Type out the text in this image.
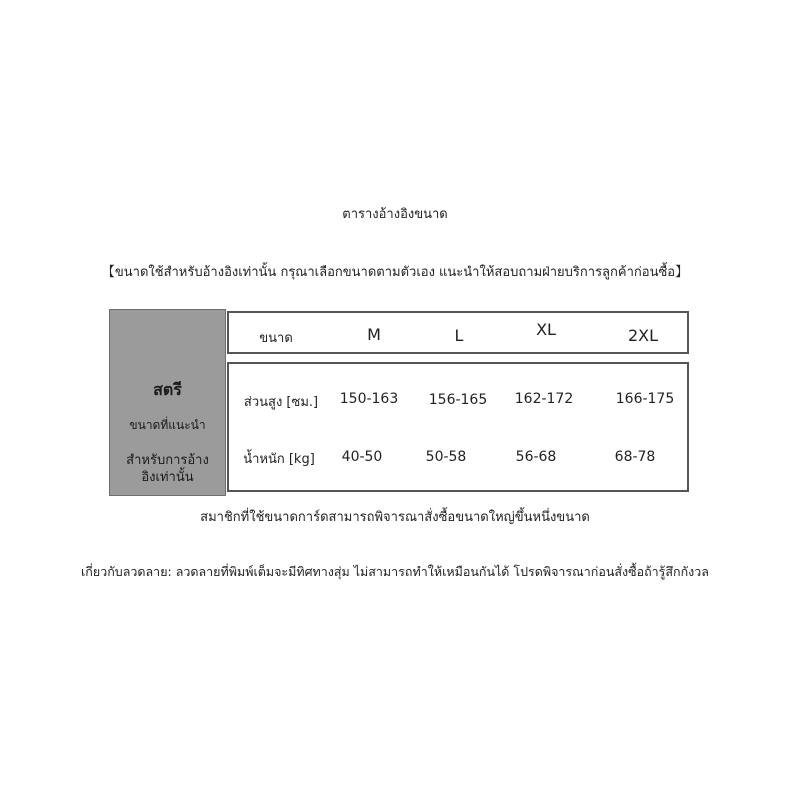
ตารางอ้างอิงขนาด
【ขนาดใช้สำหรับอ้างอิงเท่านั้น กรุณาเลือกขนาดตามตัวเอง แนะนำให้สอบถามฝ่ายบริการลูกค้าก่อนซื้อ】
สตรี
ขนาดที่แนะนำ
สำหรับการอ้าง
อิงเท่านั้น
ขนาด	M	L	XL	2XL
ส่วนสูง [ซม.] 150-163 156-165 162-172	166-175
น้ำหนัก [kg] 40-50	50-58	56-68	68-78
สมาชิกที่ใช้ขนาดการ์ดสามารถพิจารณาสั่งซื้อขนาดใหญ่ขึ้นหนึ่งขนาด
เกี่ยวกับลวดลาย: ลวดลายที่พิมพ์เต็มจะมีทิศทางสุ่ม ไม่สามารถทำให้เหมือนกันได้ โปรดพิจารณาก่อนสั่งซื้อถ้ารู้สึกกังวล
